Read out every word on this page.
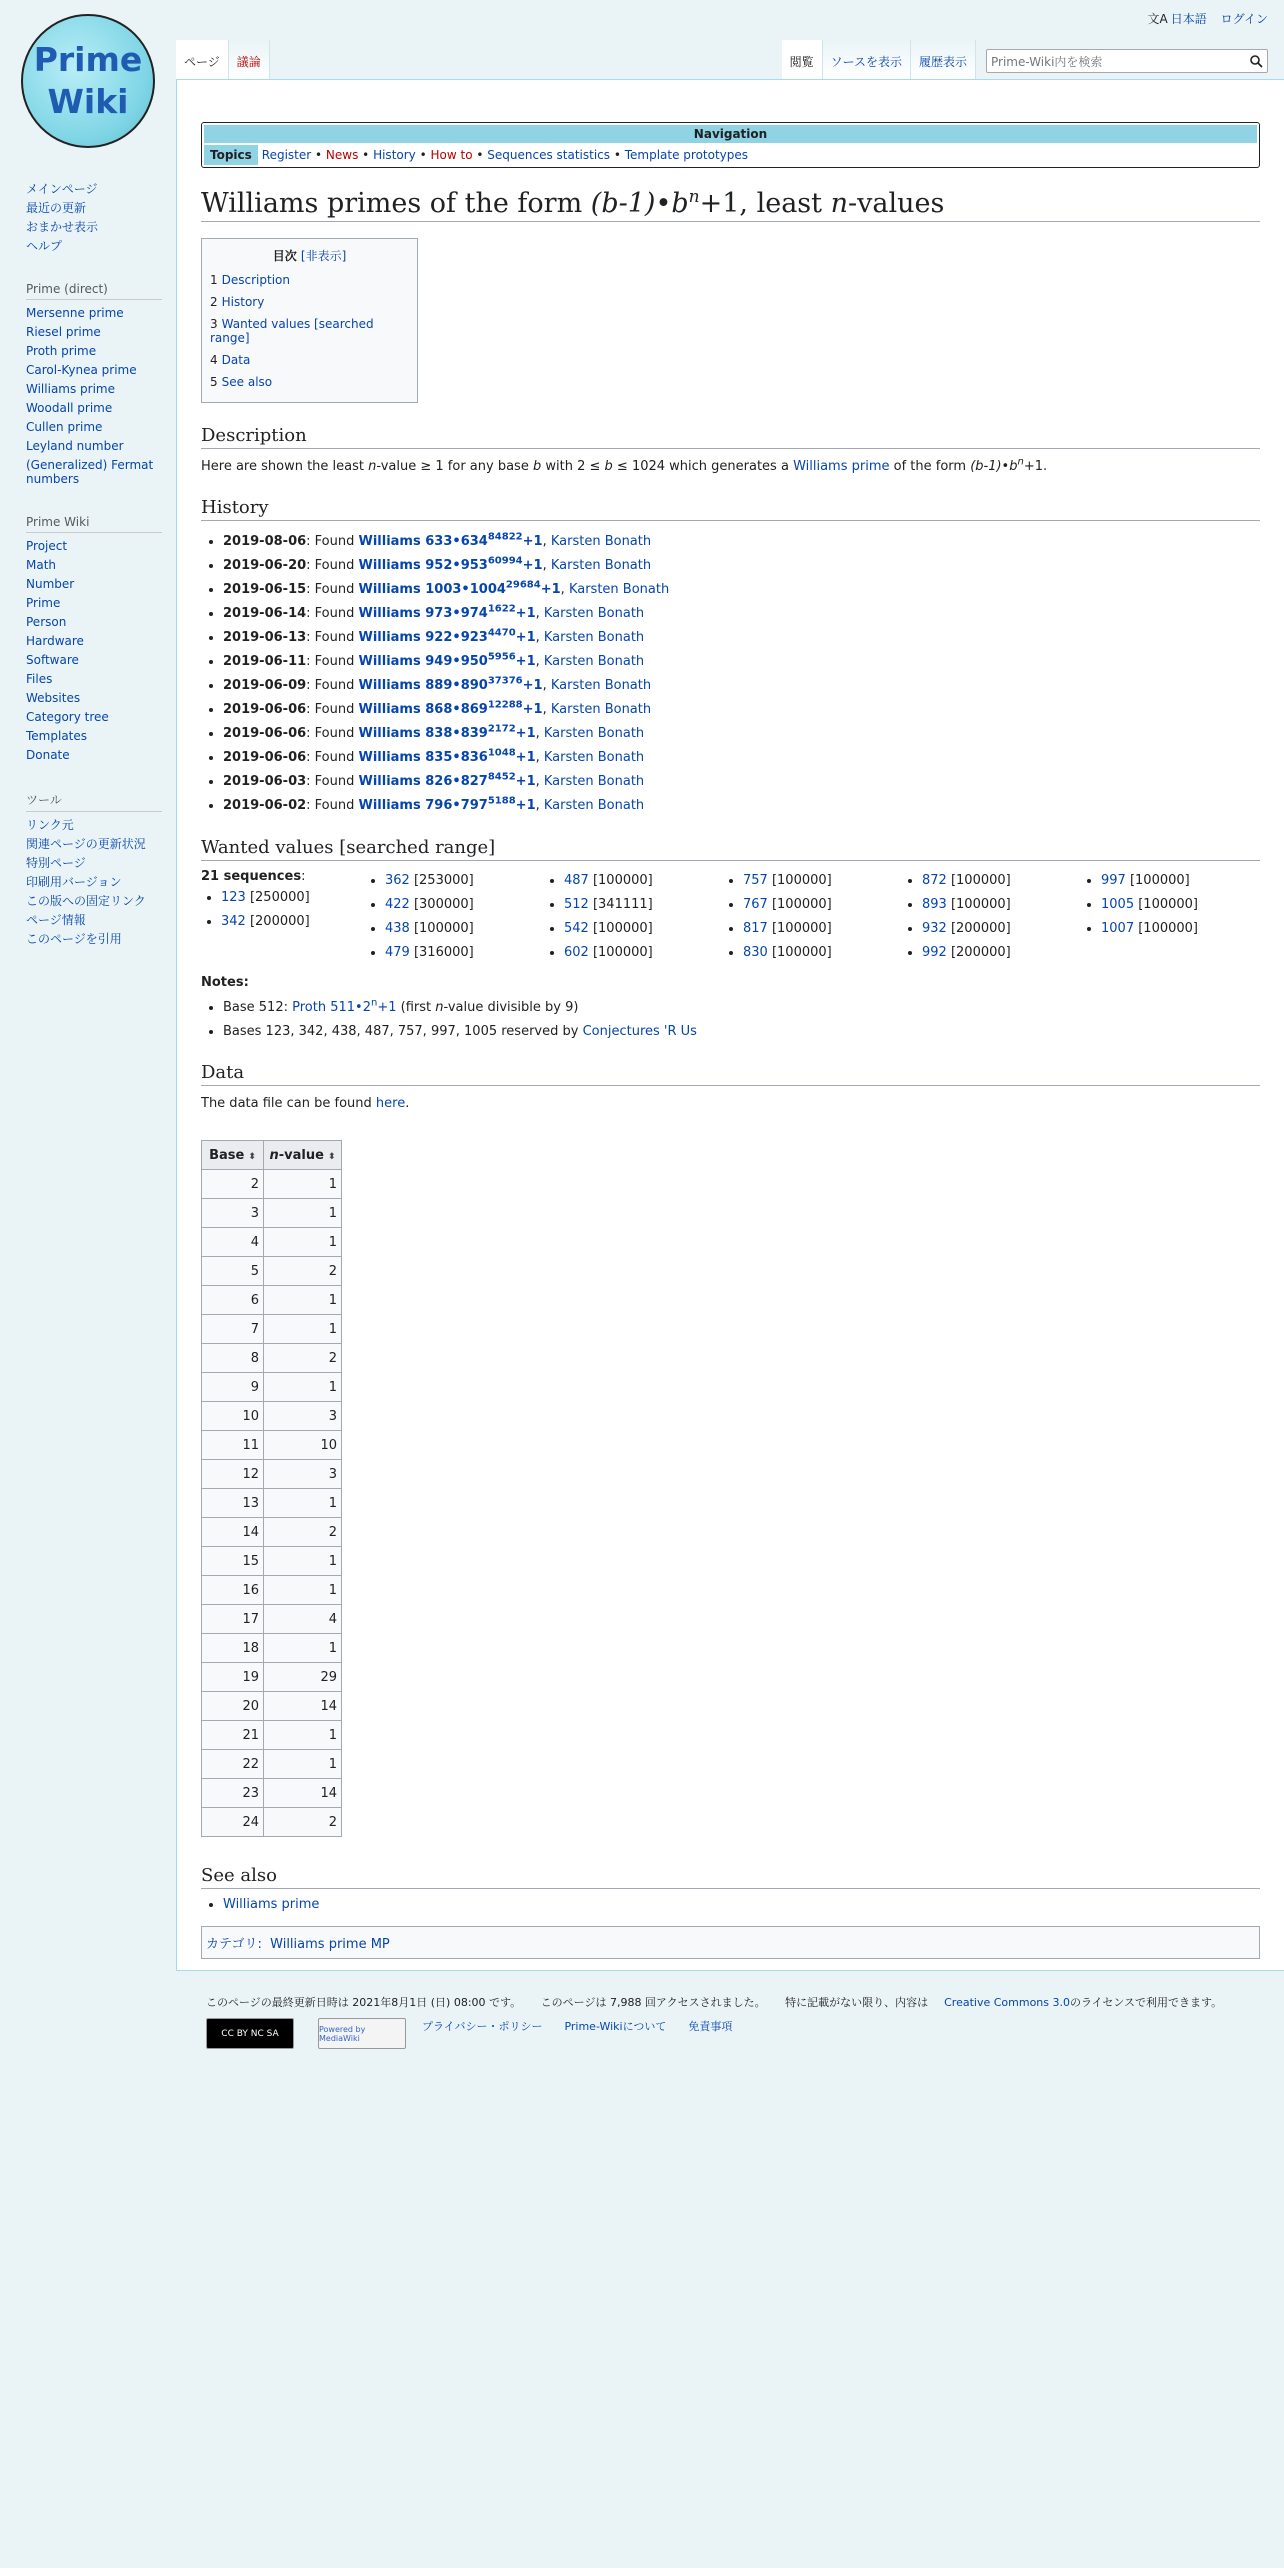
文A 日本語 ログイン
Prime
Wiki
メインページ
最近の更新
おまかせ表示
ヘルプ
Prime (direct)
Mersenne prime
Riesel prime
Proth prime
Carol-Kynea prime
Williams prime
Woodall prime
Cullen prime
Leyland number
(Generalized) Fermat numbers
Prime Wiki
Project
Math
Number
Prime
Person
Hardware
Software
Files
Websites
Category tree
Templates
Donate
ツール
リンク元
関連ページの更新状況
特別ページ
印刷用バージョン
この版への固定リンク
ページ情報
このページを引用
ページ	議論	閲覧	ソースを表示	履歴表示	Prime-Wiki内を検索
Navigation
Topics Register • News • History • How to • Sequences statistics • Template prototypes
Williams primes of the form $(b-1)•b^n+1$, least n-values
目次 [非表示]
1 Description
2 History
3 Wanted values [searched range]
4 Data
5 See also
Description

Here are shown the least n-value ≥ 1 for any base b with 2 ≤ b ≤ 1024 which generates a Williams prime of the form $(b-1)•b^n+1$.

History
• 2019-08-06: Found Williams $633•634^{84822}+1$, Karsten Bonath
• 2019-06-20: Found Williams $952•953^{60994}+1$, Karsten Bonath
• 2019-06-15: Found Williams $1003•1004^{29684}+1$, Karsten Bonath
• 2019-06-14: Found Williams $973•974^{1622}+1$, Karsten Bonath
• 2019-06-13: Found Williams $922•923^{4470}+1$, Karsten Bonath
• 2019-06-11: Found Williams $949•950^{5956}+1$, Karsten Bonath
• 2019-06-09: Found Williams $889•890^{37376}+1$, Karsten Bonath
• 2019-06-06: Found Williams $868•869^{12288}+1$, Karsten Bonath
• 2019-06-06: Found Williams $838•839^{2172}+1$, Karsten Bonath
• 2019-06-06: Found Williams $835•836^{1048}+1$, Karsten Bonath
• 2019-06-03: Found Williams $826•827^{8452}+1$, Karsten Bonath
• 2019-06-02: Found Williams $796•797^{5188}+1$, Karsten Bonath
Wanted values [searched range]
21 sequences:
• 123 [250000]
• 342 [200000]
• 362 [253000]
• 422 [300000]
• 438 [100000]
• 479 [316000]
• 487 [100000]
• 512 [341111]
• 542 [100000]
• 602 [100000]
• 757 [100000]
• 767 [100000]
• 817 [100000]
• 830 [100000]
• 872 [100000]
• 893 [100000]
• 932 [200000]
• 992 [200000]
• 997 [100000]
• 1005 [100000]
• 1007 [100000]
Notes:
• Base 512: Proth $511•2^n+1$ (first n-value divisible by 9)
• Bases 123, 342, 438, 487, 757, 997, 1005 reserved by Conjectures 'R Us
Data

The data file can be found here.

Base ⬍	n-value ⬍
2	1
3	1
4	1
5	2
6	1
7	1
8	2
9	1
10	3
11	10
12	3
13	1
14	2
15	1
16	1
17	4
18	1
19	29
20	14
21	1
22	1
23	14
24	2
See also
• Williams prime
カテゴリ: Williams prime MP
このページの最終更新日時は 2021年8月1日 (日) 08:00 です。 このページは 7,988 回アクセスされました。 特に記載がない限り、内容は Creative Commons 3.0のライセンスで利用できます。
CC BY NC SA	Powered by MediaWiki
プライバシー・ポリシー Prime-Wikiについて 免責事項
